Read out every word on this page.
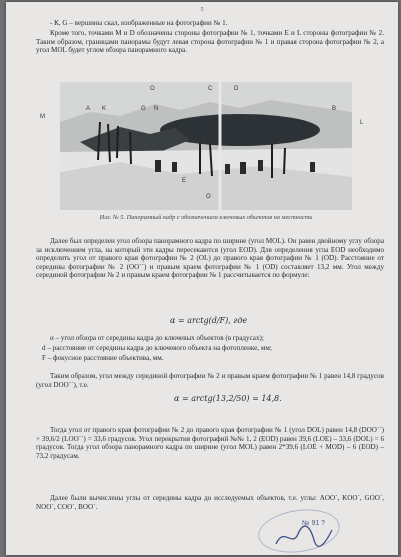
5

- К, G – вершины скал, изображенные на фотографии № 1.

Кроме того, точками M и D обозначены стороны фотографии № 1, точками E и L стороны фотографии № 2. Таким образом, границами панорамы будут левая сторона фотографии № 1 и правая сторона фотографии № 2, а угол MOL будет углом обзора панорамного кадра.

M
A K	G N
O	C	D
B
L
E
O

Илл. № 5. Панорамный кадр с обозначением ключевых объектов на местности

Далее был определен угол обзора панорамного кадра по ширине (угол MOL). Он равен двойному углу обзора за исключением угла, на который эти кадры пересекаются (угол EOD). Для определения угла EOD необходимо определить угол от правого края фотографии № 2 (OL) до правого края фотографии № 1 (OD). Расстояние от середины фотографии № 2 (OO´´) и правым краем фотографии № 1 (OD) составляет 13,2 мм. Угол между серединой фотографии № 2 и правым краем фотографии № 1 рассчитывается по формуле:

α = arctg(d/F), где

α – угол обзора от середины кадра до ключевых объектов (в градусах);

d – расстояние от середины кадра до ключевого объекта на фотопленке, мм;

F – фокусное расстояние объектива, мм.

Таким образом, угол между серединой фотографии № 2 и правым краем фотографии № 1 равен 14,8 градусов (угол DOO´´), т.е.

α = arctg(13,2/50) = 14,8.

Тогда угол от правого края фотографии № 2 до правого края фотографии № 1 (угол DOL) равен 14,8 (DOO´´) + 39,6/2 (LOO´´) = 33,6 градусов. Угол перекрытия фотографий №№ 1, 2 (EOD) равен 39,6 (LOE) – 33,6 (DOL) = 6 градусов. Тогда угол обзора панорамного кадра по ширине (угол MOL) равен 2*39,6 (LOE + MOD) – 6 (EOD) – 73,2 градусам.

Далее были вычислены углы от середины кадра до исследуемых объектов, т.е. углы: AOO´, KOO´, GOO´, NOO´, COO´, BOO´.

№ 91 ?
